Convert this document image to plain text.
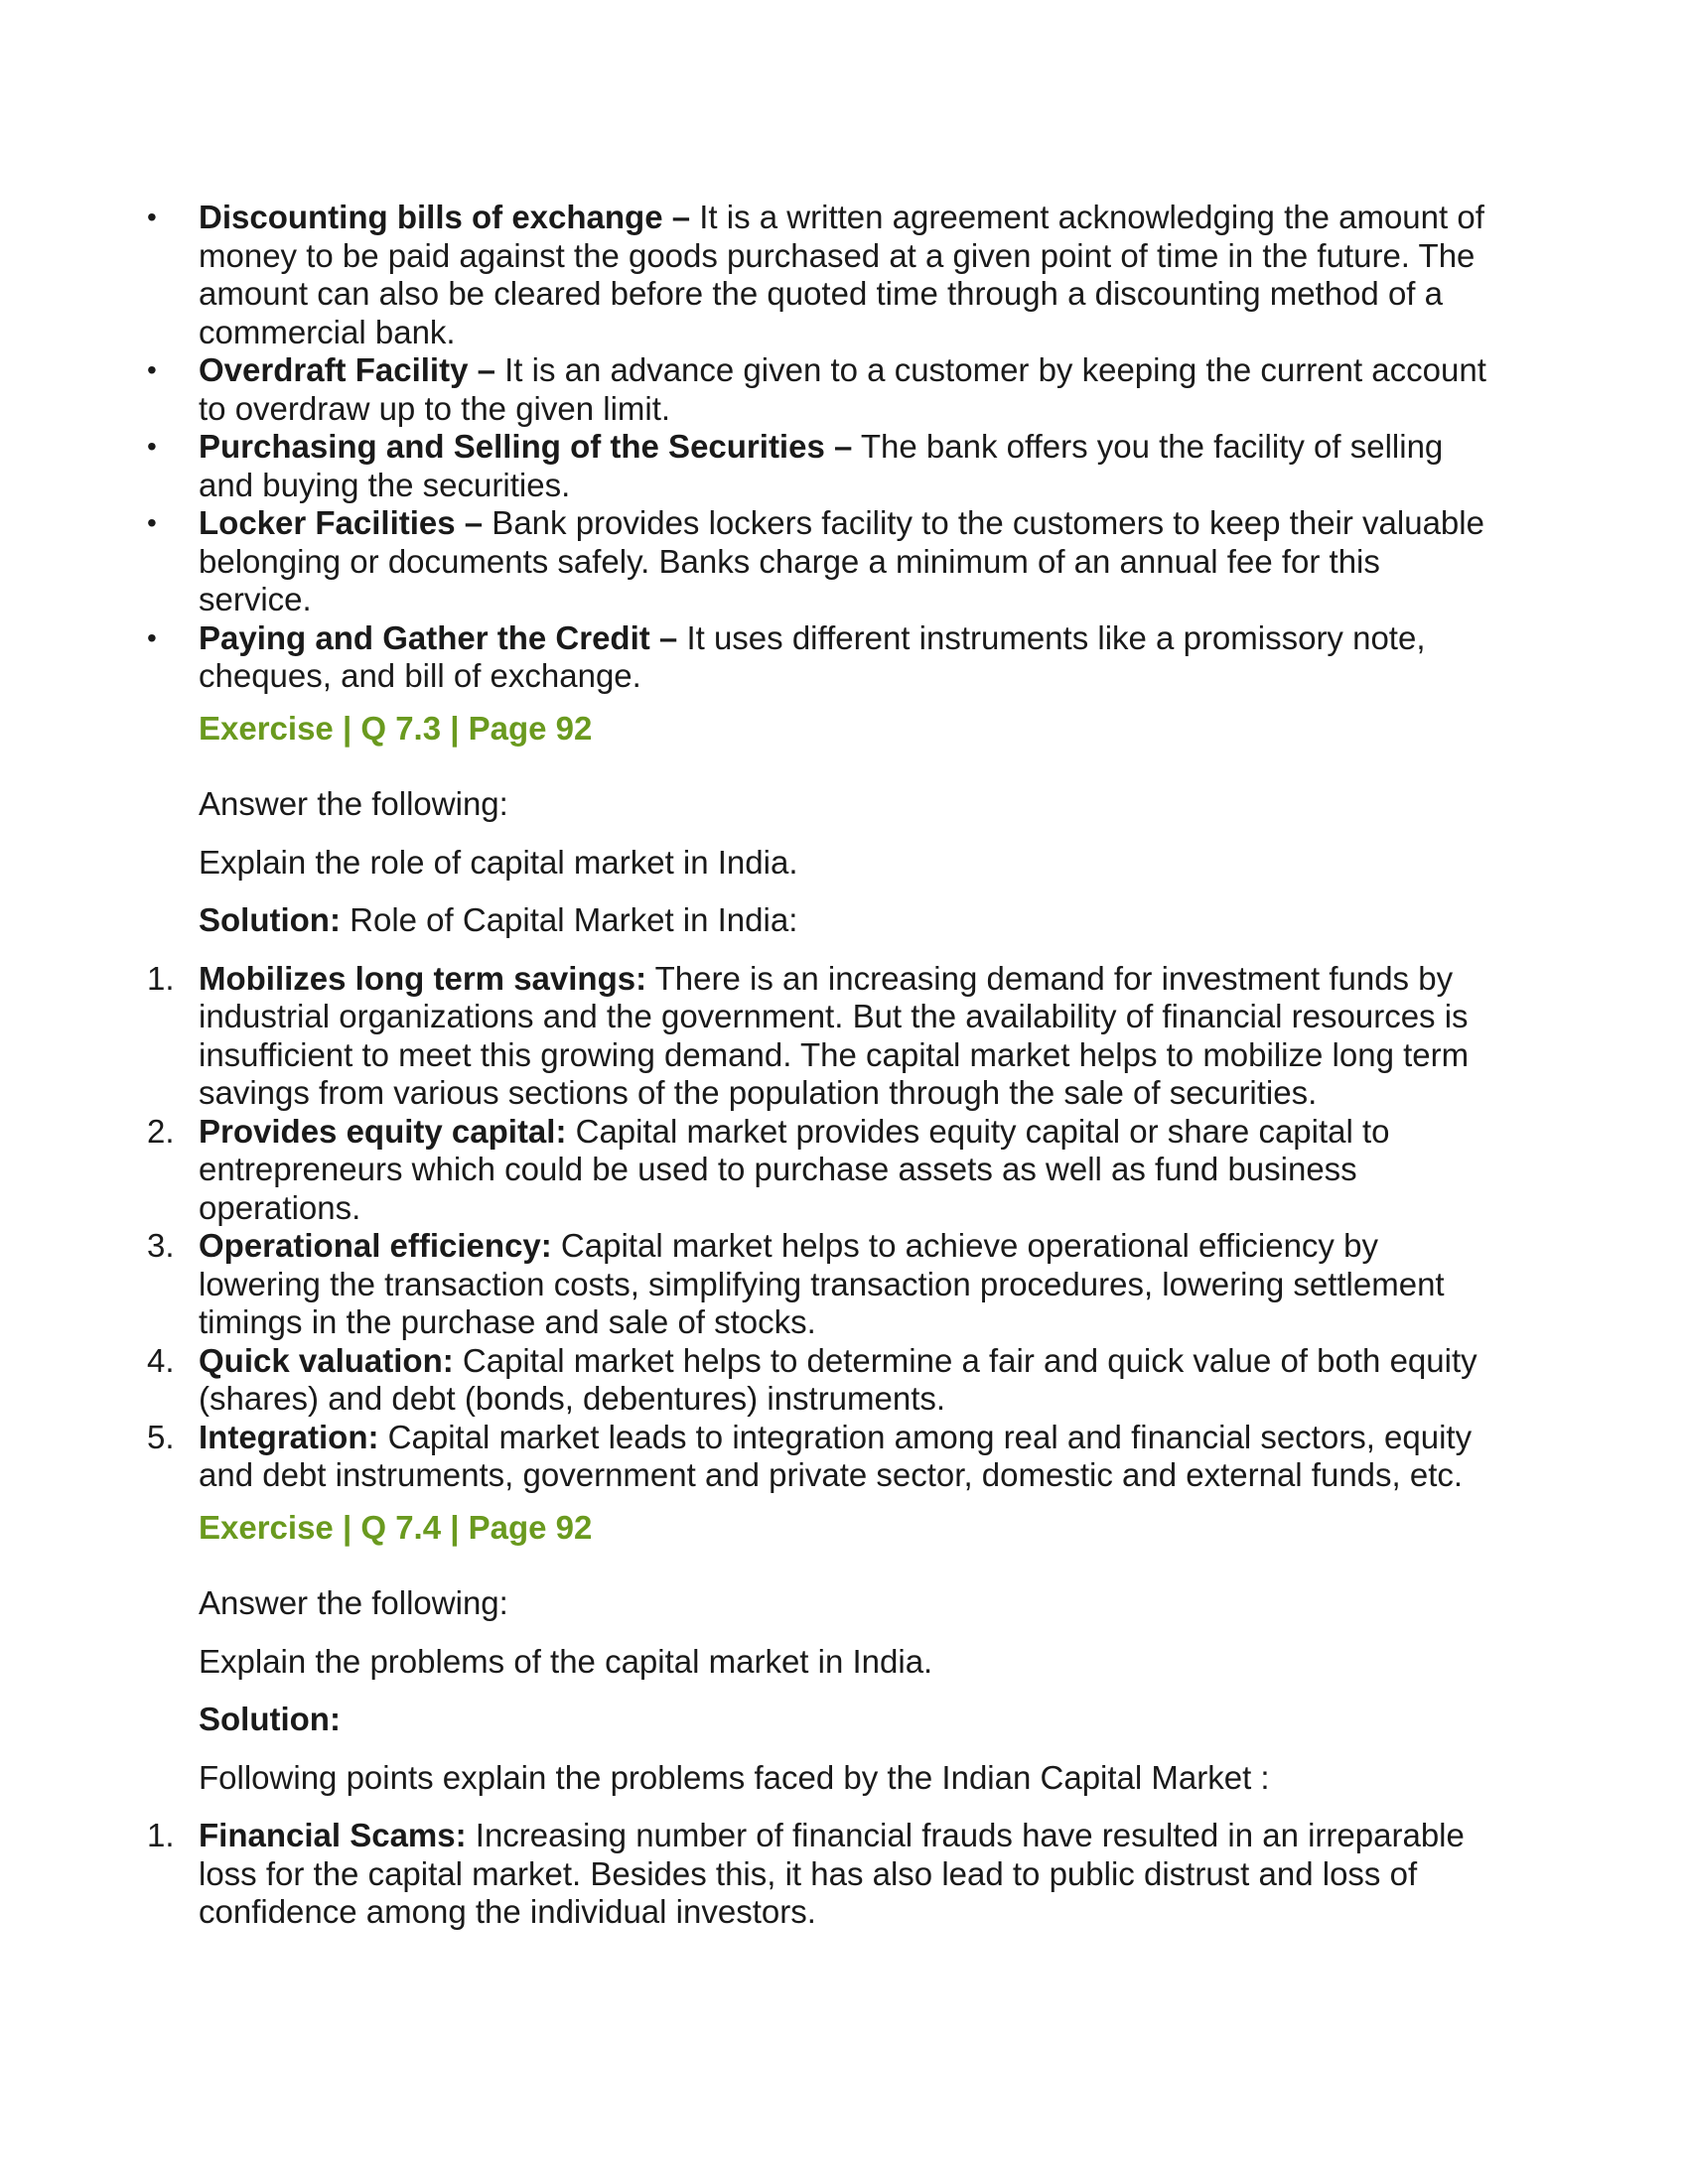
• Discounting bills of exchange – It is a written agreement acknowledging the amount of money to be paid against the goods purchased at a given point of time in the future. The amount can also be cleared before the quoted time through a discounting method of a commercial bank.
• Overdraft Facility – It is an advance given to a customer by keeping the current account to overdraw up to the given limit.
• Purchasing and Selling of the Securities – The bank offers you the facility of selling and buying the securities.
• Locker Facilities – Bank provides lockers facility to the customers to keep their valuable belonging or documents safely. Banks charge a minimum of an annual fee for this service.
• Paying and Gather the Credit – It uses different instruments like a promissory note, cheques, and bill of exchange.
Exercise | Q 7.3 | Page 92

Answer the following:

Explain the role of capital market in India.

Solution: Role of Capital Market in India:

1. Mobilizes long term savings: There is an increasing demand for investment funds by industrial organizations and the government. But the availability of financial resources is insufficient to meet this growing demand. The capital market helps to mobilize long term savings from various sections of the population through the sale of securities.
2. Provides equity capital: Capital market provides equity capital or share capital to entrepreneurs which could be used to purchase assets as well as fund business operations.
3. Operational efficiency: Capital market helps to achieve operational efficiency by lowering the transaction costs, simplifying transaction procedures, lowering settlement timings in the purchase and sale of stocks.
4. Quick valuation: Capital market helps to determine a fair and quick value of both equity (shares) and debt (bonds, debentures) instruments.
5. Integration: Capital market leads to integration among real and financial sectors, equity and debt instruments, government and private sector, domestic and external funds, etc.
Exercise | Q 7.4 | Page 92

Answer the following:

Explain the problems of the capital market in India.

Solution:

Following points explain the problems faced by the Indian Capital Market :

1. Financial Scams: Increasing number of financial frauds have resulted in an irreparable loss for the capital market. Besides this, it has also lead to public distrust and loss of confidence among the individual investors.
